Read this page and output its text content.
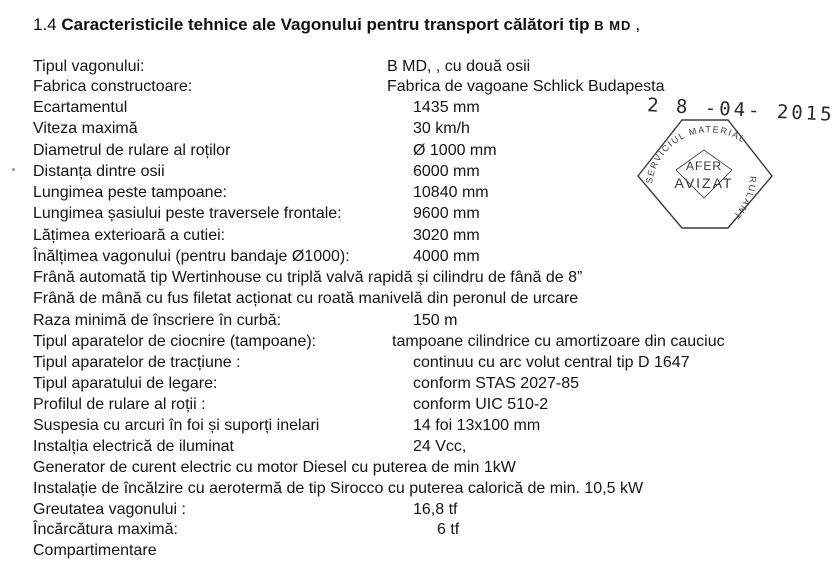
1.4 Caracteristicile tehnice ale Vagonului pentru transport călători tip B MD ,
Tipul vagonului:
Fabrica constructoare:
Ecartamentul
Viteza maximă
Diametrul de rulare al roților
Distanța dintre osii
Lungimea peste tampoane:
Lungimea șasiului peste traversele frontale:
Lățimea exterioară a cutiei:
Înălțimea vagonului (pentru bandaje Ø1000):
Frână automată tip Wertinhouse cu triplă valvă rapidă și cilindru de fână de 8”
Frână de mână cu fus filetat acționat cu roată manivelă din peronul de urcare
Raza minimă de înscriere în curbă:
Tipul aparatelor de ciocnire (tampoane):
Tipul aparatelor de tracțiune :
Tipul aparatului de legare:
Profilul de rulare al roții :
Suspesia cu arcuri în foi și suporți inelari
Instalția electrică de iluminat
Generator de curent electric cu motor Diesel cu puterea de min 1kW
Instalație de încălzire cu aerotermă de tip Sirocco cu puterea calorică de min. 10,5 kW
Greutatea vagonului :
Încărcătura maximă:
Compartimentare
B MD, , cu două osii
Fabrica de vagoane Schlick Budapesta
1435 mm
30 km/h
Ø 1000 mm
6000 mm
10840 mm
9600 mm
3020 mm
4000 mm
150 m
tampoane cilindrice cu amortizoare din cauciuc
continuu cu arc volut central tip D 1647
conform STAS 2027-85
conform UIC 510-2
14 foi 13x100 mm
24 Vcc,
16,8 tf
6 tf
2 8 -04- 2015
SERVICIUL MATERIAL
RULANT
AFER
AVIZAT
